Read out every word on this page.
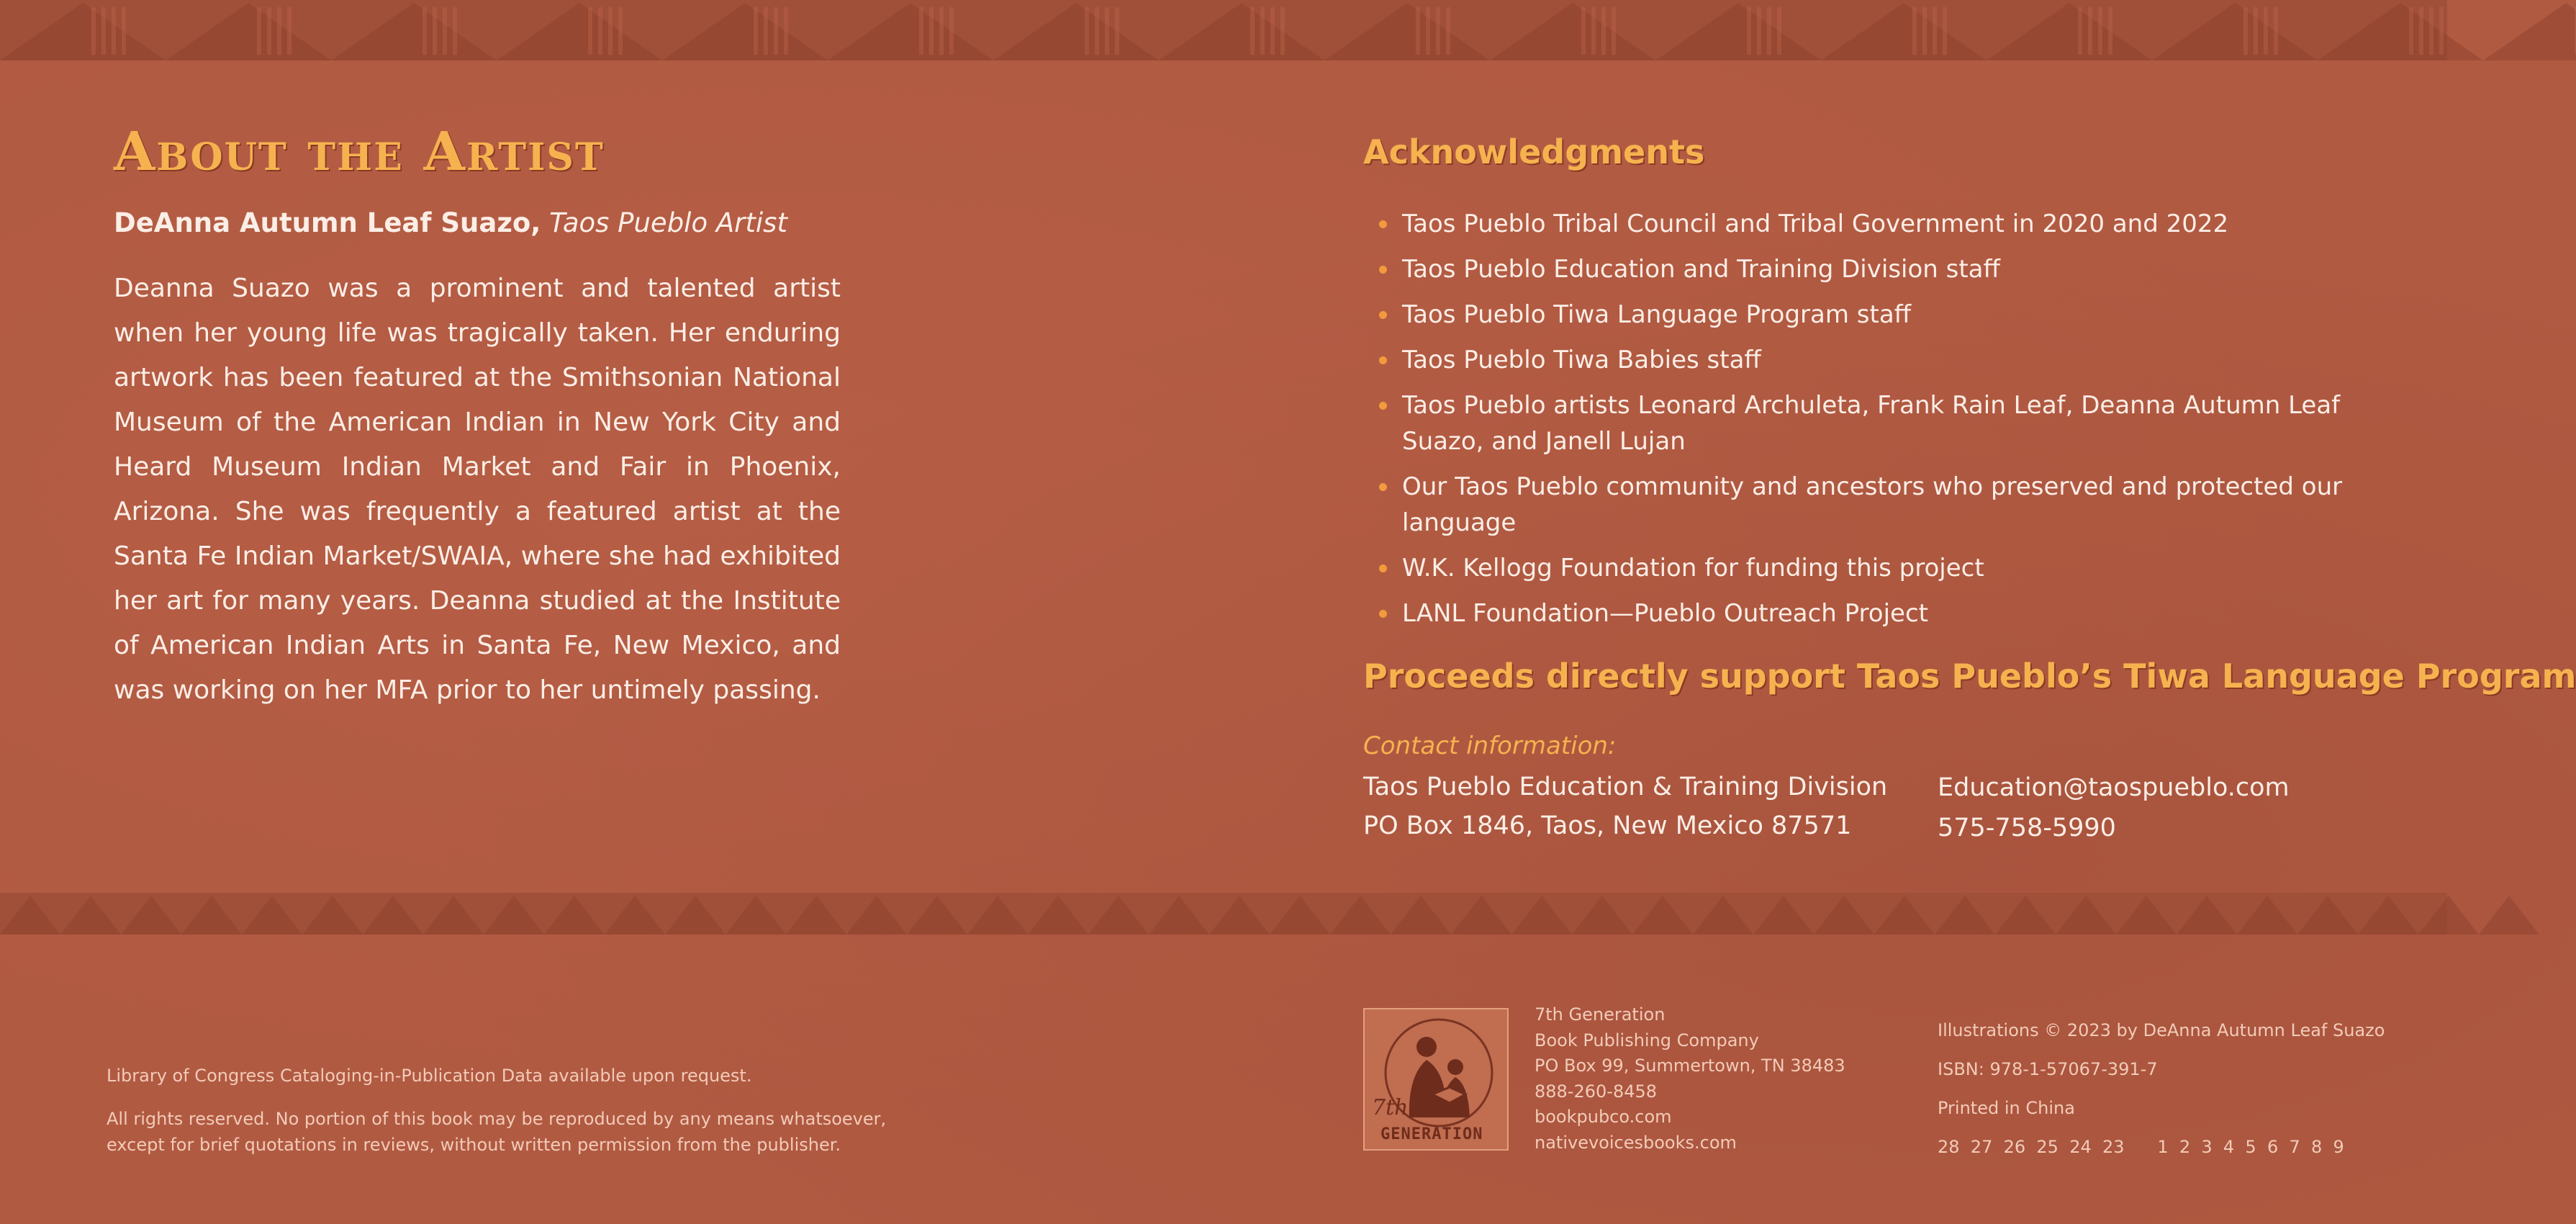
About the Artist
DeAnna Autumn Leaf Suazo, Taos Pueblo Artist

Deanna Suazo was a prominent and talented artist when her young life was tragically taken. Her enduring artwork has been featured at the Smithsonian National Museum of the American Indian in New York City and Heard Museum Indian Market and Fair in Phoenix, Arizona. She was frequently a featured artist at the Santa Fe Indian Market/SWAIA, where she had exhibited her art for many years. Deanna studied at the Institute of American Indian Arts in Santa Fe, New Mexico, and was working on her MFA prior to her untimely passing.

Library of Congress Cataloging-in-Publication Data available upon request.
All rights reserved. No portion of this book may be reproduced by any means whatsoever,
except for brief quotations in reviews, without written permission from the publisher.
Acknowledgments
Taos Pueblo Tribal Council and Tribal Government in 2020 and 2022
Taos Pueblo Education and Training Division staff
Taos Pueblo Tiwa Language Program staff
Taos Pueblo Tiwa Babies staff
Taos Pueblo artists Leonard Archuleta, Frank Rain Leaf, Deanna Autumn Leaf Suazo, and Janell Lujan
Our Taos Pueblo community and ancestors who preserved and protected our language
W.K. Kellogg Foundation for funding this project
LANL Foundation—Pueblo Outreach Project
Proceeds directly support Taos Pueblo’s Tiwa Language Program
Contact information:
Taos Pueblo Education & Training Division
PO Box 1846, Taos, New Mexico 87571
Education@taospueblo.com
575-758-5990
7th
GENERATION
7th Generation
Book Publishing Company
PO Box 99, Summertown, TN 38483
888-260-8458
bookpubco.com
nativevoicesbooks.com
Illustrations © 2023 by DeAnna Autumn Leaf Suazo
ISBN: 978-1-57067-391-7
Printed in China
28  27  26  25  24  23 1  2  3  4  5  6  7  8  9
